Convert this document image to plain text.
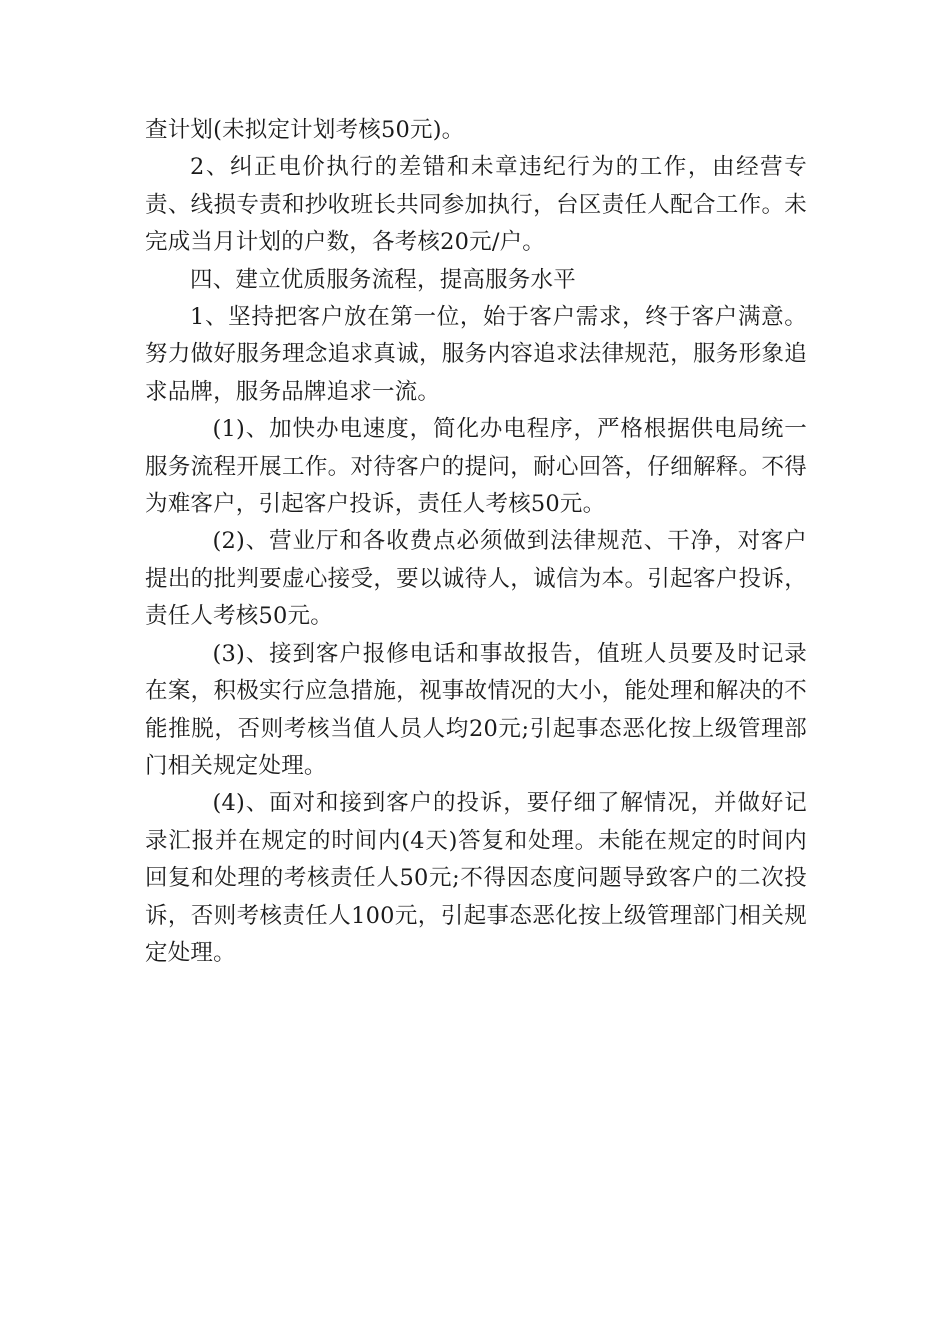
查计划(未拟定计划考核50元)。

2、纠正电价执行的差错和未章违纪行为的工作，由经营专责、线损专责和抄收班长共同参加执行，台区责任人配合工作。未完成当月计划的户数，各考核20元/户。

四、建立优质服务流程，提高服务水平

1、坚持把客户放在第一位，始于客户需求，终于客户满意。努力做好服务理念追求真诚，服务内容追求法律规范，服务形象追求品牌，服务品牌追求一流。

(1)、加快办电速度，简化办电程序，严格根据供电局统一服务流程开展工作。对待客户的提问，耐心回答，仔细解释。不得为难客户，引起客户投诉，责任人考核50元。

(2)、营业厅和各收费点必须做到法律规范、干净，对客户提出的批判要虚心接受，要以诚待人，诚信为本。引起客户投诉，责任人考核50元。

(3)、接到客户报修电话和事故报告，值班人员要及时记录在案，积极实行应急措施，视事故情况的大小，能处理和解决的不能推脱，否则考核当值人员人均20元;引起事态恶化按上级管理部门相关规定处理。

(4)、面对和接到客户的投诉，要仔细了解情况，并做好记录汇报并在规定的时间内(4天)答复和处理。未能在规定的时间内回复和处理的考核责任人50元;不得因态度问题导致客户的二次投诉，否则考核责任人100元，引起事态恶化按上级管理部门相关规定处理。
